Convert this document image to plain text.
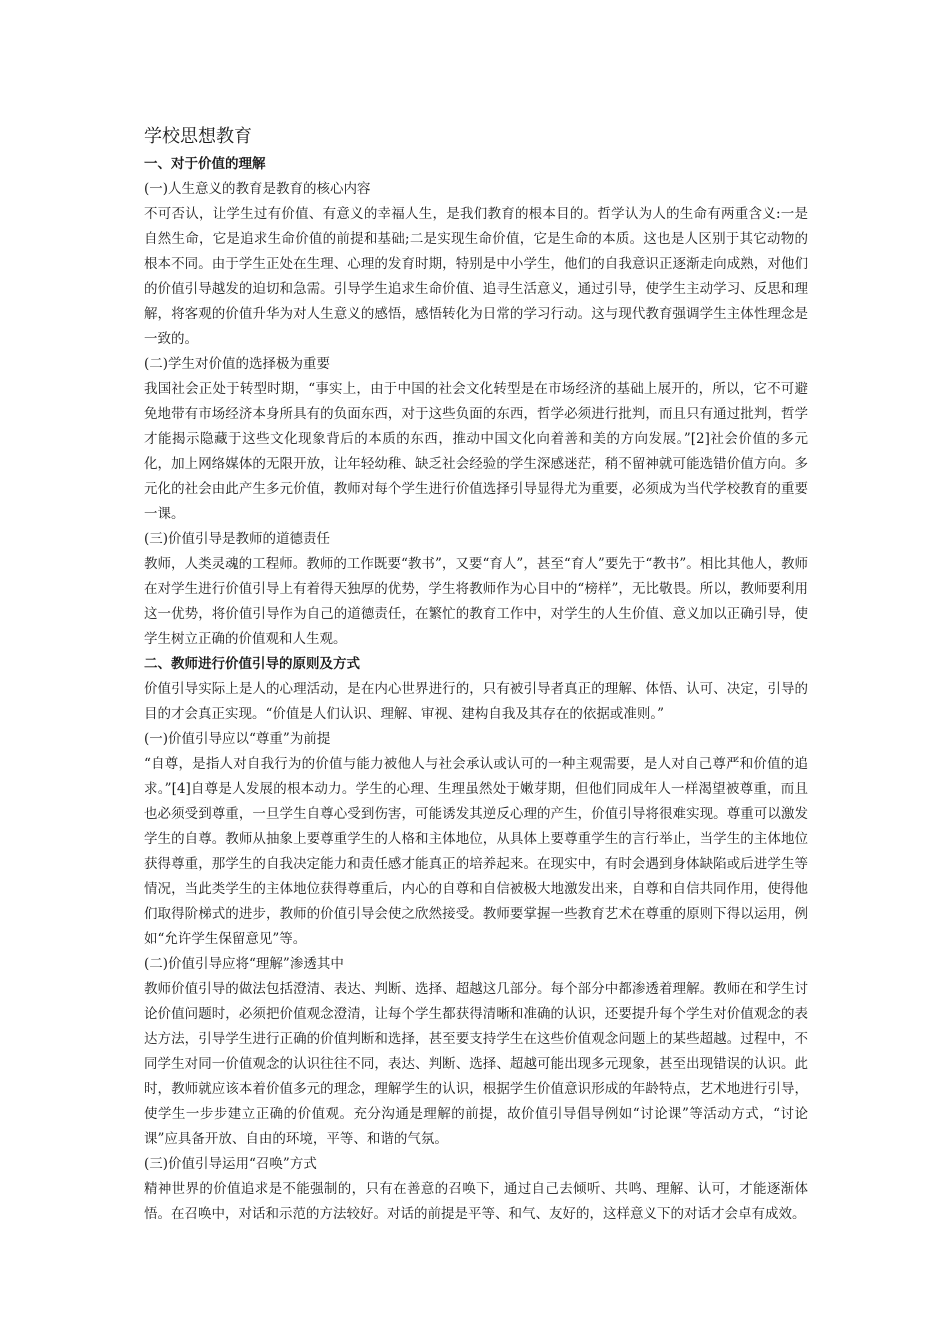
学校思想教育
一、对于价值的理解
(一)人生意义的教育是教育的核心内容
不可否认，让学生过有价值、有意义的幸福人生，是我们教育的根本目的。哲学认为人的生命有两重含义:一是自然生命，它是追求生命价值的前提和基础;二是实现生命价值，它是生命的本质。这也是人区别于其它动物的根本不同。由于学生正处在生理、心理的发育时期，特别是中小学生，他们的自我意识正逐渐走向成熟，对他们的价值引导越发的迫切和急需。引导学生追求生命价值、追寻生活意义，通过引导，使学生主动学习、反思和理解，将客观的价值升华为对人生意义的感悟，感悟转化为日常的学习行动。这与现代教育强调学生主体性理念是一致的。
(二)学生对价值的选择极为重要
我国社会正处于转型时期，“事实上，由于中国的社会文化转型是在市场经济的基础上展开的，所以，它不可避免地带有市场经济本身所具有的负面东西，对于这些负面的东西，哲学必须进行批判，而且只有通过批判，哲学才能揭示隐藏于这些文化现象背后的本质的东西，推动中国文化向着善和美的方向发展。”[2]社会价值的多元化，加上网络媒体的无限开放，让年轻幼稚、缺乏社会经验的学生深感迷茫，稍不留神就可能选错价值方向。多元化的社会由此产生多元价值，教师对每个学生进行价值选择引导显得尤为重要，必须成为当代学校教育的重要一课。
(三)价值引导是教师的道德责任
教师，人类灵魂的工程师。教师的工作既要“教书”，又要“育人”，甚至“育人”要先于“教书”。相比其他人，教师在对学生进行价值引导上有着得天独厚的优势，学生将教师作为心目中的“榜样”，无比敬畏。所以，教师要利用这一优势，将价值引导作为自己的道德责任，在繁忙的教育工作中，对学生的人生价值、意义加以正确引导，使学生树立正确的价值观和人生观。
二、教师进行价值引导的原则及方式
价值引导实际上是人的心理活动，是在内心世界进行的，只有被引导者真正的理解、体悟、认可、决定，引导的目的才会真正实现。“价值是人们认识、理解、审视、建构自我及其存在的依据或准则。”
(一)价值引导应以“尊重”为前提
“自尊，是指人对自我行为的价值与能力被他人与社会承认或认可的一种主观需要，是人对自己尊严和价值的追求。”[4]自尊是人发展的根本动力。学生的心理、生理虽然处于嫩芽期，但他们同成年人一样渴望被尊重，而且也必须受到尊重，一旦学生自尊心受到伤害，可能诱发其逆反心理的产生，价值引导将很难实现。尊重可以激发学生的自尊。教师从抽象上要尊重学生的人格和主体地位，从具体上要尊重学生的言行举止，当学生的主体地位获得尊重，那学生的自我决定能力和责任感才能真正的培养起来。在现实中，有时会遇到身体缺陷或后进学生等情况，当此类学生的主体地位获得尊重后，内心的自尊和自信被极大地激发出来，自尊和自信共同作用，使得他们取得阶梯式的进步，教师的价值引导会使之欣然接受。教师要掌握一些教育艺术在尊重的原则下得以运用，例如“允许学生保留意见”等。
(二)价值引导应将“理解”渗透其中
教师价值引导的做法包括澄清、表达、判断、选择、超越这几部分。每个部分中都渗透着理解。教师在和学生讨论价值问题时，必须把价值观念澄清，让每个学生都获得清晰和准确的认识，还要提升每个学生对价值观念的表达方法，引导学生进行正确的价值判断和选择，甚至要支持学生在这些价值观念问题上的某些超越。过程中，不同学生对同一价值观念的认识往往不同，表达、判断、选择、超越可能出现多元现象，甚至出现错误的认识。此时，教师就应该本着价值多元的理念，理解学生的认识，根据学生价值意识形成的年龄特点，艺术地进行引导，使学生一步步建立正确的价值观。充分沟通是理解的前提，故价值引导倡导例如“讨论课”等活动方式，“讨论课”应具备开放、自由的环境，平等、和谐的气氛。
(三)价值引导运用“召唤”方式
精神世界的价值追求是不能强制的，只有在善意的召唤下，通过自己去倾听、共鸣、理解、认可，才能逐渐体悟。在召唤中，对话和示范的方法较好。对话的前提是平等、和气、友好的，这样意义下的对话才会卓有成效。
